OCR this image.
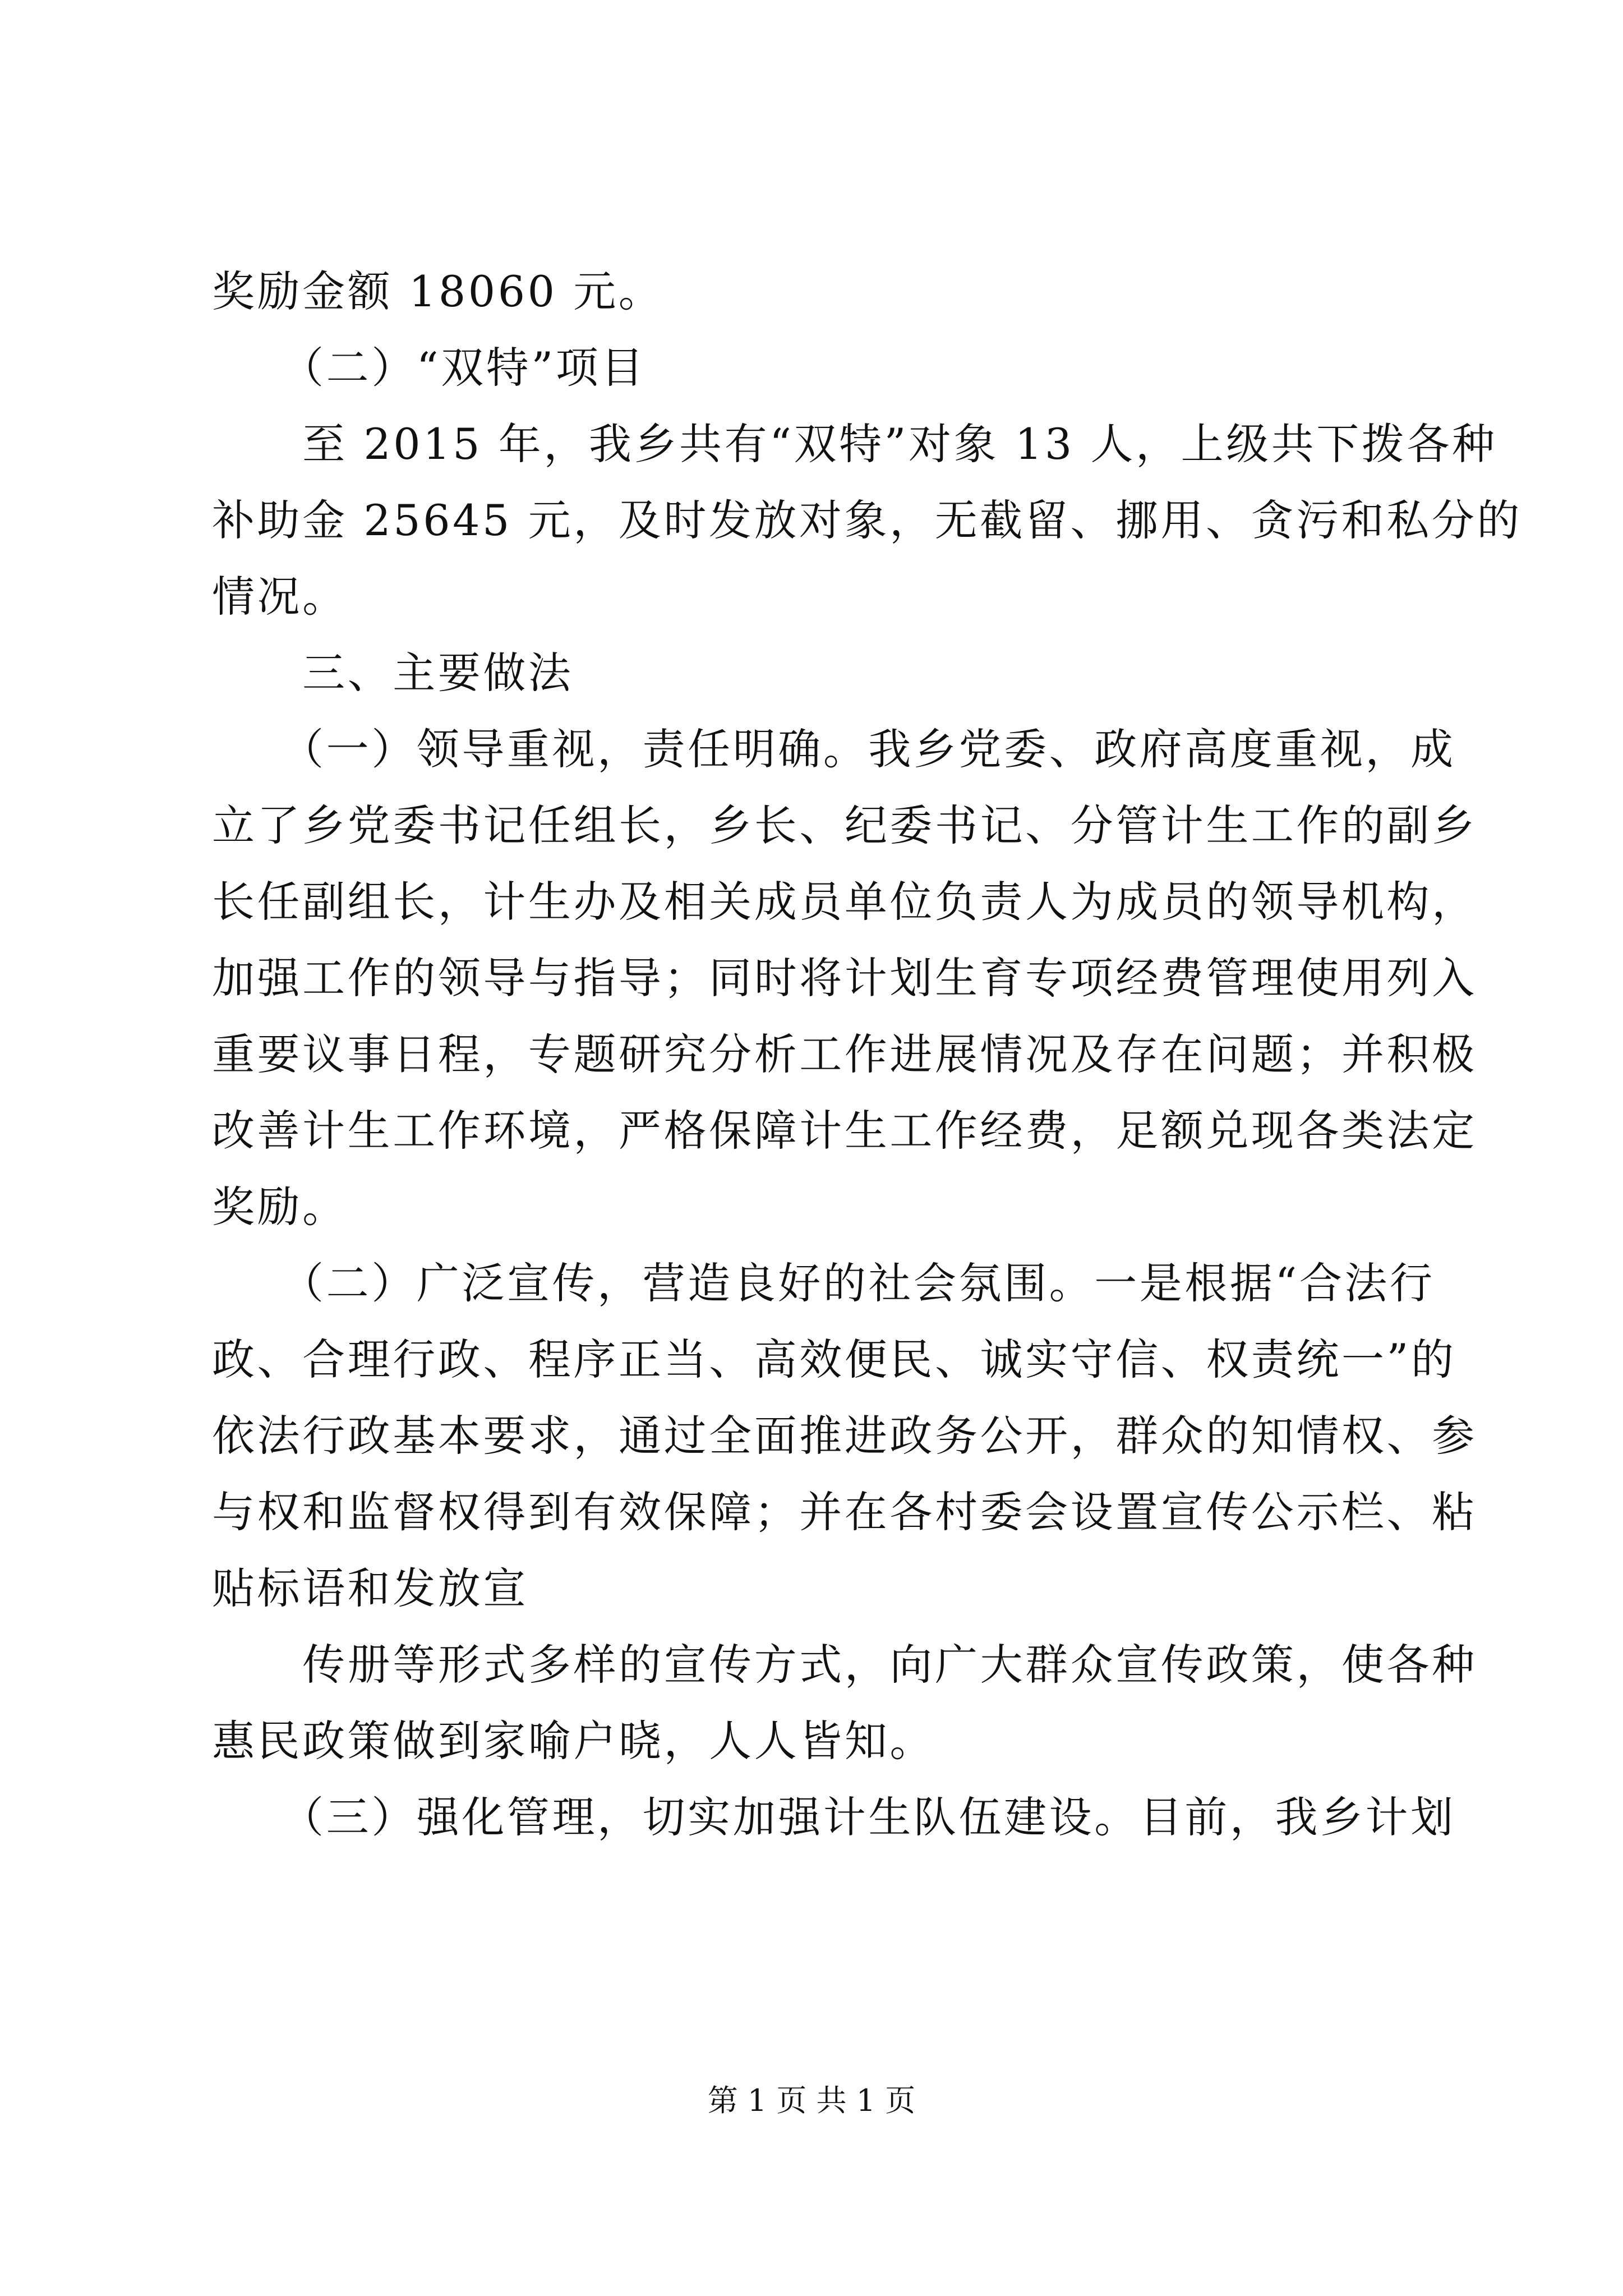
奖励金额 18060 元。
　　（二）“双特”项目
　　至 2015 年，我乡共有“双特”对象 13 人，上级共下拨各种
补助金 25645 元，及时发放对象，无截留、挪用、贪污和私分的
情况。
　　三、主要做法
　　（一）领导重视，责任明确。我乡党委、政府高度重视，成
立了乡党委书记任组长，乡长、纪委书记、分管计生工作的副乡
长任副组长，计生办及相关成员单位负责人为成员的领导机构，
加强工作的领导与指导；同时将计划生育专项经费管理使用列入
重要议事日程，专题研究分析工作进展情况及存在问题；并积极
改善计生工作环境，严格保障计生工作经费，足额兑现各类法定
奖励。
　　（二）广泛宣传，营造良好的社会氛围。一是根据“合法行
政、合理行政、程序正当、高效便民、诚实守信、权责统一”的
依法行政基本要求，通过全面推进政务公开，群众的知情权、参
与权和监督权得到有效保障；并在各村委会设置宣传公示栏、粘
贴标语和发放宣
　　传册等形式多样的宣传方式，向广大群众宣传政策，使各种
惠民政策做到家喻户晓，人人皆知。
　　（三）强化管理，切实加强计生队伍建设。目前，我乡计划
第 1 页 共 1 页
